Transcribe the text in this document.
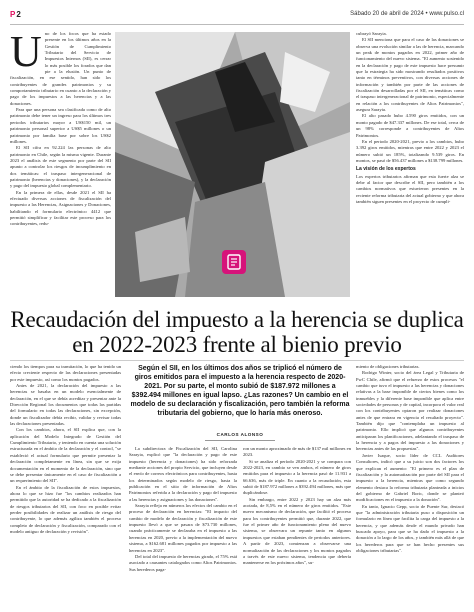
P2	Sábado 20 de abril de 2024 • www.pulso.cl
U no de los focos que ha estado presente en los últimos años en la Gestión de Cumplimiento Tributario del Servicio de Impuestos Internos (SII), es cerrar lo más posible los forados que dan pie a la elusión. Un punto de fiscalización, en ese sentido, han sido los contribuyentes de grandes patrimonios y su comportamiento tributario en cuanto a la declaración y pago de los impuestos a las herencias y a las donaciones.

Para que una persona sea clasificada como de alto patrimonio debe tener un ingreso para los últimos tres periodos tributarios mayor a US$150 mil, un patrimonio personal superior a US$5 millones o un patrimonio por familia base por sobre los US$2 millones.

El SII cifra en 92.224 las personas de alto patrimonio en Chile, según la misma vigente. Durante 2023 el análisis de este segmento por parte del SII apunto a controlar los riesgos de incumplimiento en dos temáticas: el traspaso intergeneracional de patrimonio (herencias y donaciones), y la declaración y pago del impuesto global complementario.

En la primera de ellas, desde 2021 el SII ha efectuado diversas acciones de fiscalización del impuesto a las Herencias, Asignaciones y Donaciones, habilitando el formulario electrónico 4412 que permitió simplificar y facilitar este proceso para los contribuyentes, redu-

cubrayó Sarayia.

El SII menciona que para el caso de las donaciones se observa una evolución similar a las de herencia, marcando un peak de montos pagados en 2022, primer año de funcionamiento del nuevo sistema. "El aumento sostenido en la declaración y pago de este impuesto hace presumir que la estrategia ha sido mostrando resultados positivos tanto en términos preventivos, con diversas acciones de información y también por parte de las acciones de fiscalización desarrolladas por el SII, en temáticas como el traspaso intergeneracional de patrimonio, especialmente en relación a los contribuyentes de Altos Patrimonios", asegura Sarayia.

El alto pasado hubo 4.590 giros emitidos, con un monto pagado de $47.337 millones. De ese total, cerca de un 98% corresponde a contribuyentes de Altos Patrimonios.

En el periodo 2020-2021, previo a los cambios, hubo 3.392 giros emitidos, mientras que entre 2022 y 2023 el número subió un 185%, totalizando 9.539 giros. En montos, se pasó de $56.437 millones a $138.799 millones.

La visión de los expertos

Los expertos tributarios afirman que esta fuerte alza se debe al factor que describe el SII, pero también a los cambios normativos que estuvieron presentes en la reciente reforma tributaria del actual gobierno y que ahora también siguen presentes en el proyecto de cumpli-

Recaudación del impuesto a la herencia se duplica en 2022-2023 frente al bienio previo

ciendo los tiempos para su tramitación, lo que ha tenido un efecto creciente respecto de las declaraciones presentadas por este impuesto, así como los montos pagados.

Antes de 2021, la declaración del impuesto a las herencias se basaba en un modelo esencialmente de declaración, en el que se debía acreditar y presentar ante la Dirección Regional los documentos que todas las partidas del formulario en todas las declaraciones, sin excepción, donde un fiscalizador debía recibir, validar y revisar todas las declaraciones presentadas.

Con los cambios, ahora, el SII explica que, con la aplicación del Modelo Integrado de Gestión del Cumplimiento Tributario, y teniendo en cuenta una solución estructurada en el ámbito de la declaración y el control, "se estableció el actual formulario que permite presentar la declaración completamente en línea, sin que se exija documentación en el momento de la declaración, sino que se debe presentar únicamente en el caso de fiscalización a un requerimiento del SII".

En el ámbito de la fiscalización de estos impuestos, ahora lo que se hizo fue "los cambios realizados han permitido que la autoridad se ha dedicado a la fiscalización de riesgos tributarios del SII, con foco en posible evitar perder posibilidades de realizar un análisis de riesgo del contribuyente, lo que además agiliza también el proceso completo de declaración y fiscalización, comparado con el modelo antiguo de declaración y revisión".

Según el SII, en los últimos dos años se triplicó el número de giros emitidos para el impuesto a la herencia respecto de 2020-2021. Por su parte, el monto subió de $187.972 millones a $392.494 millones en igual lapso. ¿Las razones? Un cambio en el modelo de su declaración y fiscalización, pero también la reforma tributaria del gobierno, que lo haría más oneroso.
CARLOS ALONSO

La subdirectora de Fiscalización del SII, Carolina Sarayia, explicó que "la declaración y pago de este impuesto (herencia y donaciones) ha sido reforzada mediante acciones del propio Servicio, que incluyen desde el envío de correos electrónicos para contribuyentes, hasta los determinados según modelo de riesgo, hasta la publicación en el sitio de información de Altos Patrimonios referida a la declaración y pago del impuesto a las herencias y asignaciones y las donaciones".

Sarayia refleja en números los efectos del cambio en el proceso de declaración en herencias: "El impacto del cambio de modelo de declaración y fiscalización de este impuesto llevó a que se pasara de $73.730 millones, cuando prácticamente se declaraba en el impuesto a las herencias en 2020, previo a la implementación del nuevo sistema, a $162.681 millones pagados por impuesto a las herencias en 2023".

Del total del impuesto de herencias girado, el 75% está asociado a causantes catalogados como Altos Patrimonios. Sus herederos paga-

ron un monto aproximado de más de $137 mil millones en 2023.

Si se analiza el período 2020-2021 y se compara con 2022-2023, en cambio se ven ambos, el número de giros emitidos para el impuesto a la herencia pasó de 11.931 a 66.636, más de triple. En cuanto a la recaudación, esta subió de $187.972 millones a $392.494 millones, más que duplicándose.

Sin embargo, entre 2022 y 2023 hay un alza más acotada, de 8,5% en el número de giros emitidos. "Este nuevo mecanismo de declaración, que facilitó el proceso para los contribuyentes permitió que, durante 2022, que fue el primer año de funcionamiento pleno del nuevo sistema, se observara un repunte tanto en algunos impuestos que estaban pendientes de periodos anteriores. A partir de 2023, comienzan a observarse una normalización de las declaraciones y los montos pagados a través de este nuevo sistema, tendencia que debería mantenerse en los próximos años", su-

miento de obligaciones tributarias.

Rodrigo Winter, socio del área Legal y Tributaria de PwC Chile, afirmó que el refuerzo de estos procesos "el cambio que tuvo el impuesto a las herencias y donaciones relativas a la base imponible de ciertos bienes como los inmuebles y la diferente base imponible que aplica entre sociedades de personas y de capital, incorpora el valor real con los contribuyentes optaron por realizar donaciones antes de que entrara en vigencia el resultado proyecto". También dijo que "contemplaba un impuesto al patrimonio. Ello implicó que algunos contribuyentes anticiparan los planificaciones, adelantando el traspaso de la herencia y a pagos del impuesto a las donaciones y herencias antes de las propuestas".

Javier Isaque, socio líder de CCL Auditores Consultores, indicó que a su juicio son dos factores los que explican el aumento: "El primero es el plan de fiscalización y la automatización por parte del SII para el impuesto a la herencia, mientras que como segundo elemento destaca la reforma tributaria planteada a inicios del gobierno de Gabriel Boric, donde se planteó modificaciones en el impuesto a la donación".

En tanto, Ignacio Gepp, socio de Puente Sur, destacó que "la administración tributaria puso a disposición un formulario en línea que facilita la carga del impuesto a la herencia, y que además desde el mundo privado han buscado apoyo, para que se ha dado el impuesto a la donación a lo largo de los años, y también más allá de que los herederos para que se han hecho presentes sus obligaciones tributarias".
